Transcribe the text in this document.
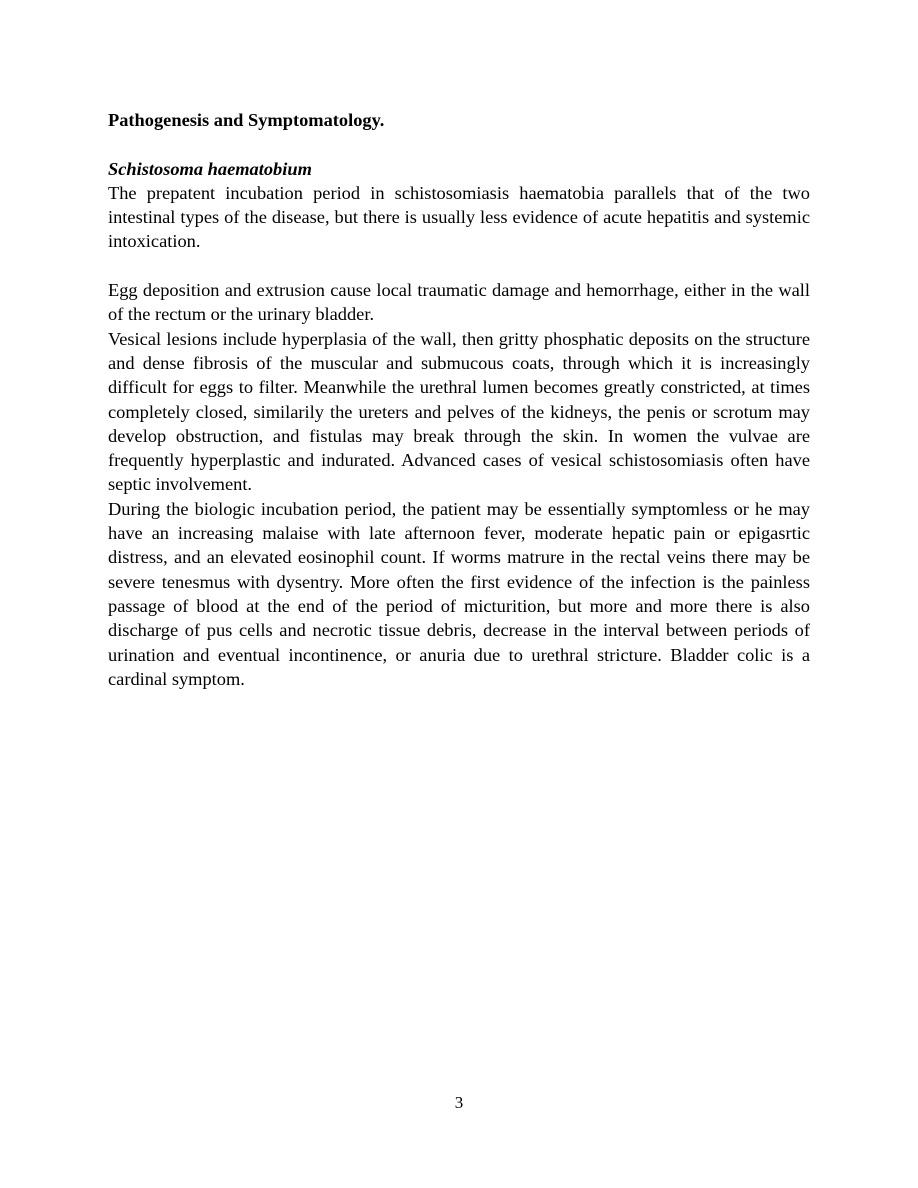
Pathogenesis and Symptomatology.

Schistosoma haematobium

The prepatent incubation period in schistosomiasis haematobia parallels that of the two intestinal types of the disease, but there is usually less evidence of acute hepatitis and systemic intoxication.

Egg deposition and extrusion cause local traumatic damage and hemorrhage, either in the wall of the rectum or the urinary bladder.

Vesical lesions include hyperplasia of the wall, then gritty phosphatic deposits on the structure and dense fibrosis of the muscular and submucous coats, through which it is increasingly difficult for eggs to filter. Meanwhile the urethral lumen becomes greatly constricted, at times completely closed, similarily the ureters and pelves of the kidneys, the penis or scrotum may develop obstruction, and fistulas may break through the skin. In women the vulvae are frequently hyperplastic and indurated. Advanced cases of vesical schistosomiasis often have septic involvement.

During the biologic incubation period, the patient may be essentially symptomless or he may have an increasing malaise with late afternoon fever, moderate hepatic pain or epigasrtic distress, and an elevated eosinophil count. If worms matrure in the rectal veins there may be severe tenesmus with dysentry. More often the first evidence of the infection is the painless passage of blood at the end of the period of micturition, but more and more there is also discharge of pus cells and necrotic tissue debris, decrease in the interval between periods of urination and eventual incontinence, or anuria due to urethral stricture. Bladder colic is a cardinal symptom.

3
